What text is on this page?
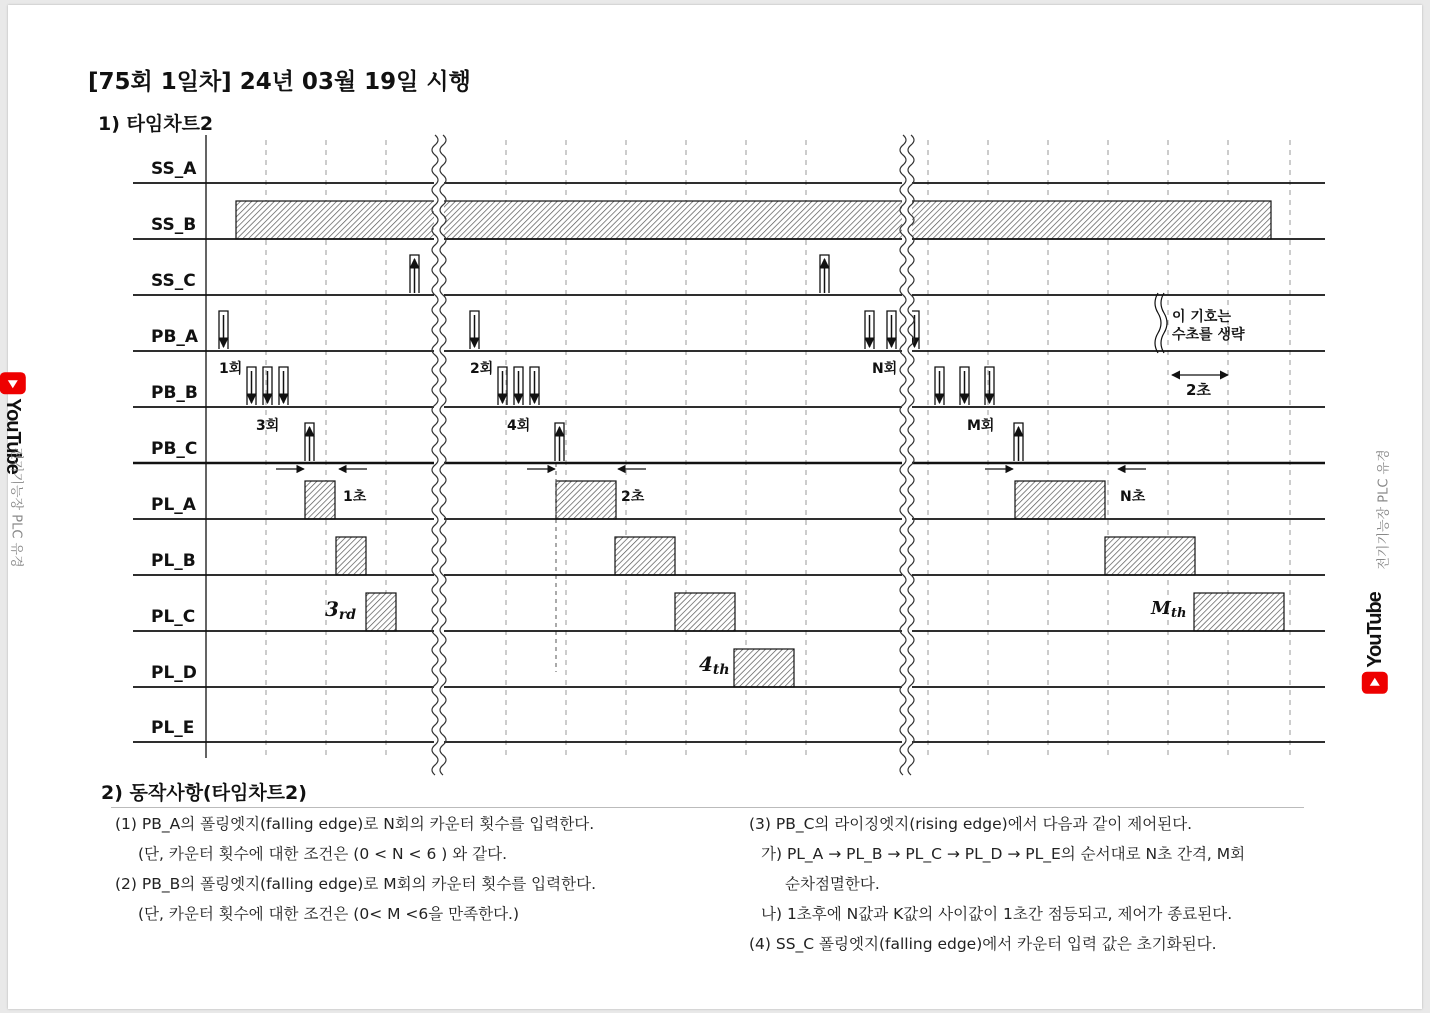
[75회 1일차] 24년 03월 19일 시행
1) 타임차트2
2) 동작사항(타임차트2)
SS_A
SS_B
SS_C
PB_A
PB_B
PB_C
PL_A
PL_B
PL_C
PL_D
PL_E
1회	2회	N회
3회	4회	M회
1초	2초	N초
2초
이 기호는
수초를 생략
3rd
4th
Mth
(1) PB_A의 폴링엣지(falling edge)로 N회의 카운터 횟수를 입력한다.
(단, 카운터 횟수에 대한 조건은 (0 < N < 6 ) 와 같다.
(2) PB_B의 폴링엣지(falling edge)로 M회의 카운터 횟수를 입력한다.
(단, 카운터 횟수에 대한 조건은 (0< M <6을 만족한다.)
(3) PB_C의 라이징엣지(rising edge)에서 다음과 같이 제어된다.
가) PL_A → PL_B → PL_C → PL_D → PL_E의 순서대로 N초 간격, M회
순차점멸한다.
나) 1초후에 N값과 K값의 사이값이 1초간 점등되고, 제어가 종료된다.
(4) SS_C 폴링엣지(falling edge)에서 카운터 입력 값은 초기화된다.
YouTube
전기기능장 PLC 유경	전기기능장 PLC 유경
YouTube
